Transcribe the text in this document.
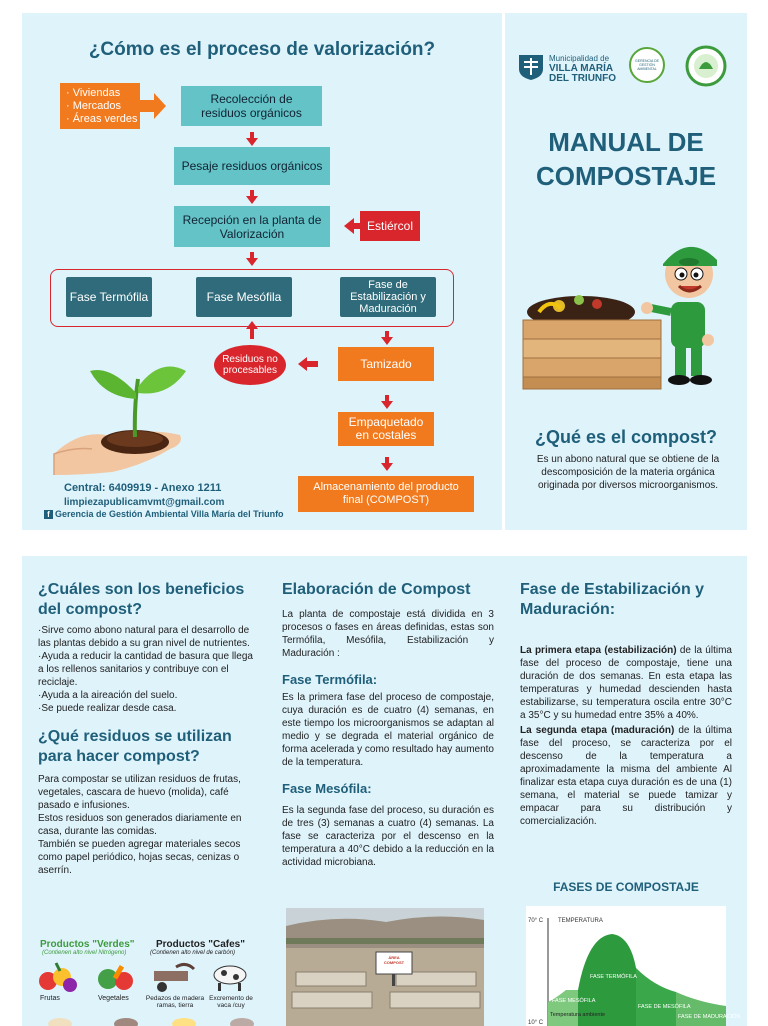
¿Cómo es el proceso de valorización?
· Viviendas
· Mercados
· Áreas verdes
Recolección de residuos orgánicos
Pesaje residuos orgánicos
Recepción en la planta de Valorización
Estiércol
Fase Termófila	Fase Mesófila
Fase de Estabilización y Maduración
Residuos no procesables	Tamizado
Empaquetado en costales
Almacenamiento del producto final (COMPOST)
Central: 6409919 - Anexo 1211
limpiezapublicamvmt@gmail.com
f Gerencia de Gestión Ambiental Villa María del Triunfo
Municipalidad de
VILLA MARÍA
DEL TRIUNFO
GERENCIA DE GESTIÓN AMBIENTAL
MANUAL DE
COMPOSTAJE
¿Qué es el compost?
Es un abono natural que se obtiene de la descomposición de la materia orgánica originada por diversos microorganismos.
¿Cuáles son los beneficios del compost?
·Sirve como abono natural para el desarrollo de las plantas debido a su gran nivel de nutrientes.
·Ayuda a reducir la cantidad de basura que llega a los rellenos sanitarios y contribuye con el reciclaje.
·Ayuda a la aireación del suelo.
·Se puede realizar desde casa.
¿Qué residuos se utilizan para hacer compost?
Para compostar se utilizan residuos de frutas, vegetales, cascara de huevo (molida), café pasado e infusiones.
Estos residuos son generados diariamente en casa, durante las comidas.
También se pueden agregar materiales secos como papel periódico, hojas secas, cenizas o aserrín.
Productos "Verdes"
(Contienen alto nivel Nitrógeno)
Productos "Cafes"
(Contienen alto nivel de carbón)
Frutas	Vegetales	Pedazos de madera ramas, tierra
Excremento de vaca /cuy
Elaboración de Compost
La planta de compostaje está dividida en 3 procesos o fases en áreas definidas, estas son Termófila, Mesófila, Estabilización y Maduración :
Fase Termófila:
Es la primera fase del proceso de compostaje, cuya duración es de cuatro (4) semanas, en este tiempo los microorganismos se adaptan al medio y se degrada el material orgánico de forma acelerada y como resultado hay aumento de la temperatura.
Fase Mesófila:
Es la segunda fase del proceso, su duración es de tres (3) semanas a cuatro (4) semanas. La fase se caracteriza por el descenso en la temperatura a 40°C debido a la reducción en la actividad microbiana.
ÁREA COMPOST
Fase de Estabilización y Maduración:
La primera etapa (estabilización) de la última fase del proceso de compostaje, tiene una duración de dos semanas. En esta etapa las temperaturas y humedad descienden hasta estabilizarse, su temperatura oscila entre 30°C a 35°C y su humedad entre 35% a 40%.
La segunda etapa (maduración) de la última fase del proceso, se caracteriza por el descenso de la temperatura a aproximadamente la misma del ambiente Al finalizar esta etapa cuya duración es de una (1) semana, el material se puede tamizar y empacar para su distribución y comercialización.
FASES DE COMPOSTAJE
70° C TEMPERATURA
10° C
FASE MESÓFILA
FASE TERMÓFILA
FASE DE MESÓFILA
FASE DE MADURACIÓN
Temperatura ambiente
